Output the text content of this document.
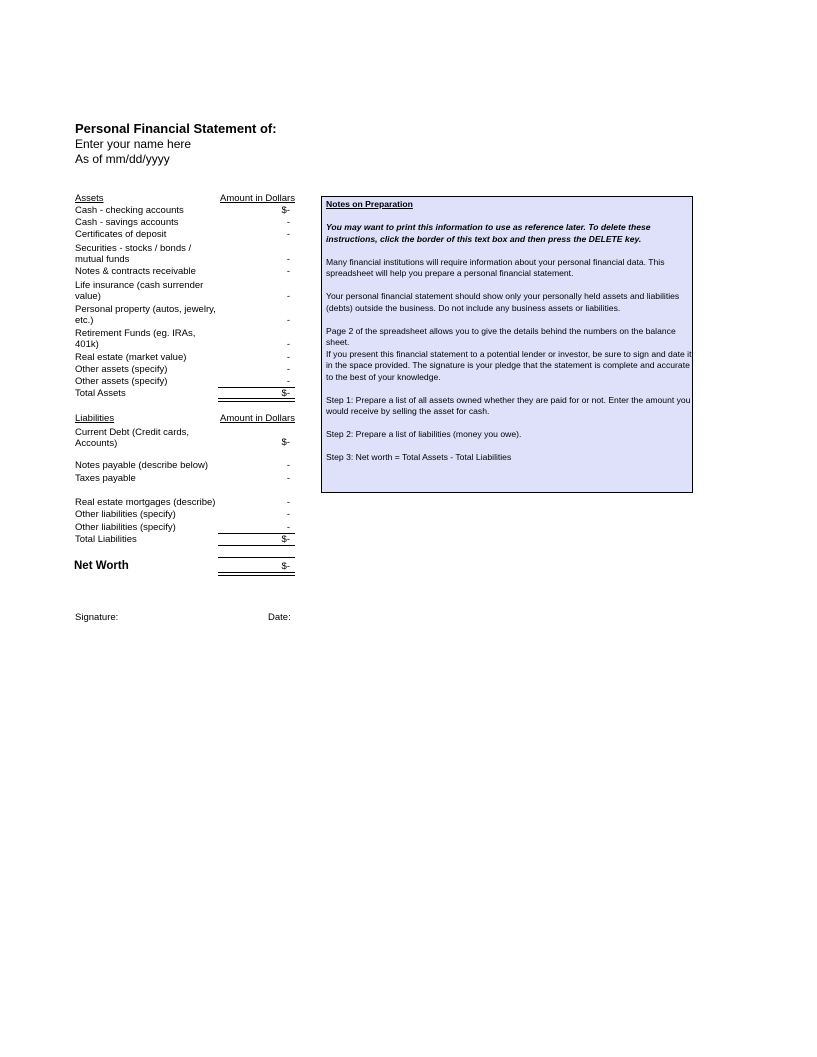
Personal Financial Statement of:
Enter your name here
As of mm/dd/yyyy
Assets	Amount in Dollars
Cash - checking accounts	$-
Cash - savings accounts	-
Certificates of deposit	-
Securities - stocks / bonds / mutual funds	-
Notes & contracts receivable	-
Life insurance (cash surrender value)	-
Personal property (autos, jewelry, etc.)	-
Retirement Funds (eg. IRAs, 401k)	-
Real estate (market value)	-
Other assets (specify)	-
Other assets (specify)	-
Total Assets	$-
Liabilities	Amount in Dollars
Current Debt (Credit cards, Accounts)	$-
Notes payable (describe below)	-
Taxes payable	-
Real estate mortgages (describe)	-
Other liabilities (specify)	-
Other liabilities (specify)	-
Total Liabilities	$-
Net Worth	$-
Signature:	Date:

Notes on Preparation

You may want to print this information to use as reference later. To delete these instructions, click the border of this text box and then press the DELETE key.

Many financial institutions will require information about your personal financial data. This spreadsheet will help you prepare a personal financial statement.

Your personal financial statement should show only your personally held assets and liabilities (debts) outside the business. Do not include any business assets or liabilities.

Page 2 of the spreadsheet allows you to give the details behind the numbers on the balance sheet.

If you present this financial statement to a potential lender or investor, be sure to sign and date it in the space provided. The signature is your pledge that the statement is complete and accurate to the best of your knowledge.

Step 1: Prepare a list of all assets owned whether they are paid for or not. Enter the amount you would receive by selling the asset for cash.

Step 2: Prepare a list of liabilities (money you owe).

Step 3: Net worth = Total Assets - Total Liabilities
